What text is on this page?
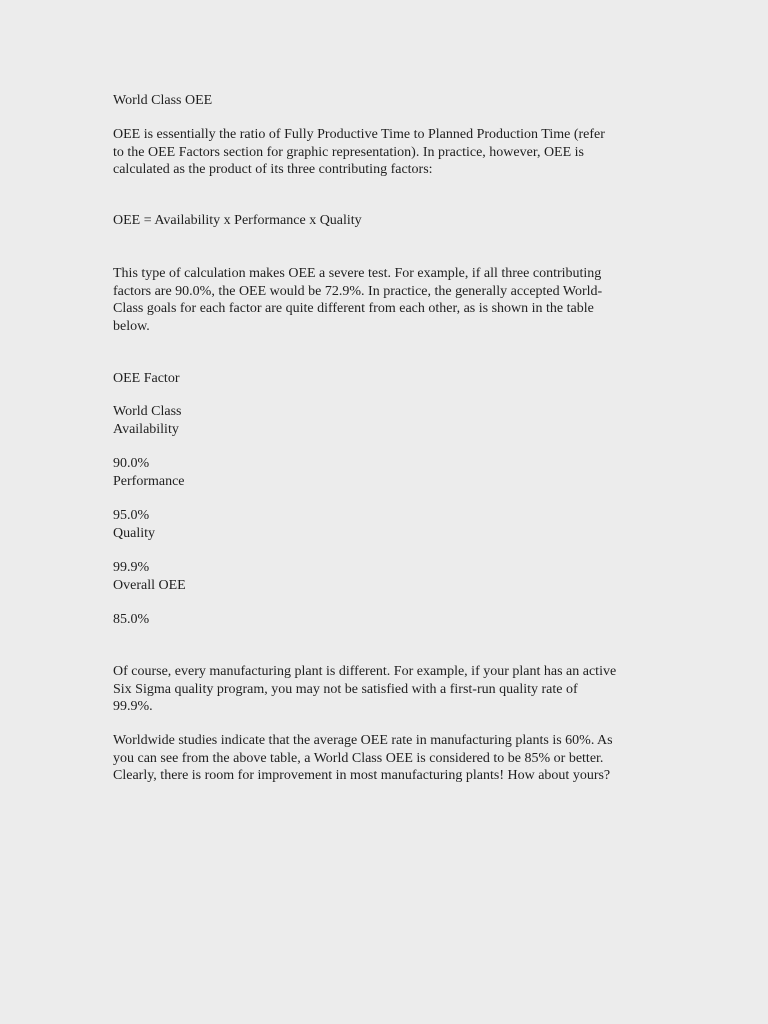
World Class OEE

OEE is essentially the ratio of Fully Productive Time to Planned Production Time (refer
to the OEE Factors section for graphic representation). In practice, however, OEE is
calculated as the product of its three contributing factors:

OEE = Availability x Performance x Quality

This type of calculation makes OEE a severe test. For example, if all three contributing
factors are 90.0%, the OEE would be 72.9%. In practice, the generally accepted World-
Class goals for each factor are quite different from each other, as is shown in the table
below.

OEE Factor

World Class
Availability

90.0%
Performance

95.0%
Quality

99.9%
Overall OEE

85.0%

Of course, every manufacturing plant is different. For example, if your plant has an active
Six Sigma quality program, you may not be satisfied with a first-run quality rate of
99.9%.

Worldwide studies indicate that the average OEE rate in manufacturing plants is 60%. As
you can see from the above table, a World Class OEE is considered to be 85% or better.
Clearly, there is room for improvement in most manufacturing plants! How about yours?
